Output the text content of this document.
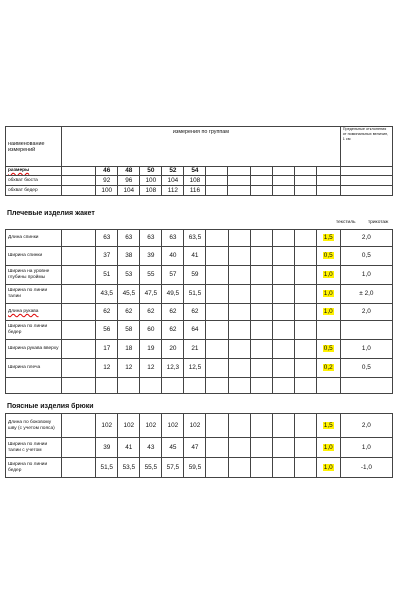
наименование измерений	измерения по группам												Предельные отклонения от номинальных величин, 1 см
размеры		46	48	50	52	54							
обхват бюста		92	96	100	104	108							
обхват бедер		100	104	108	112	116							
Плечевые изделия жакет
текстиль	трикотаж
Длина спинки		63	63	63	63	63,5						1,5	2,0
Ширина спинки		37	38	39	40	41						0,5	0,5
Ширина на уровне глубины проймы		51	53	55	57	59						1,0	1,0
Ширина по линии талии		43,5	45,5	47,5	49,5	51,5						1,0	± 2,0
Длина рукава		62	62	62	62	62						1,0	2,0
Ширина по линии бедер		56	58	60	62	64							
Ширина рукава вверху		17	18	19	20	21						0,5	1,0
Ширина плеча		12	12	12	12,3	12,5						0,2	0,5

Поясные изделия брюки
Длина по боковому шву (с учетом пояса)		102	102	102	102	102						1,5	2,0
Ширина по линии талии с учетом		39	41	43	45	47						1,0	1,0
Ширина по линии бедер		51,5	53,5	55,5	57,5	59,5						1,0	-1,0
